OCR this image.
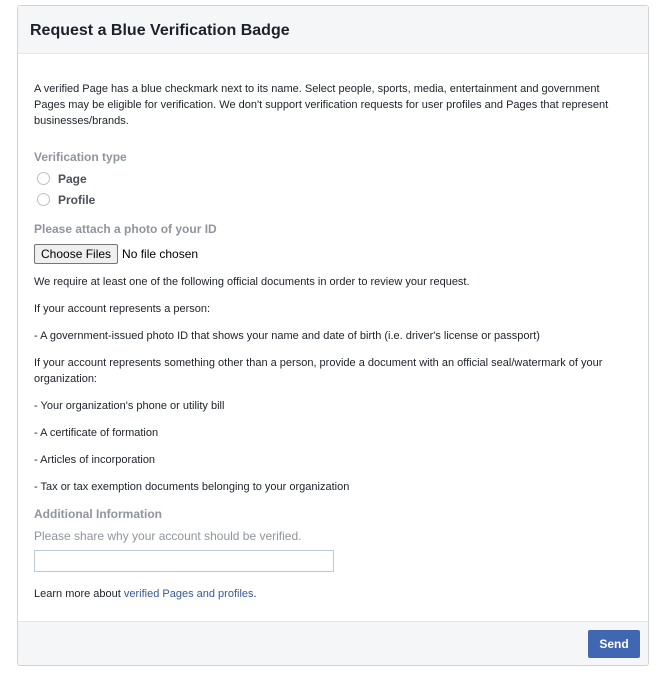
Request a Blue Verification Badge

A verified Page has a blue checkmark next to its name. Select people, sports, media, entertainment and government Pages may be eligible for verification. We don't support verification requests for user profiles and Pages that represent businesses/brands.

Verification type
Page
Profile
Please attach a photo of your ID
Choose Files No file chosen

We require at least one of the following official documents in order to review your request.

If your account represents a person:

- A government-issued photo ID that shows your name and date of birth (i.e. driver's license or passport)

If your account represents something other than a person, provide a document with an official seal/watermark of your organization:

- Your organization's phone or utility bill

- A certificate of formation

- Articles of incorporation

- Tax or tax exemption documents belonging to your organization

Additional Information
Please share why your account should be verified.
Learn more about verified Pages and profiles.
Send
